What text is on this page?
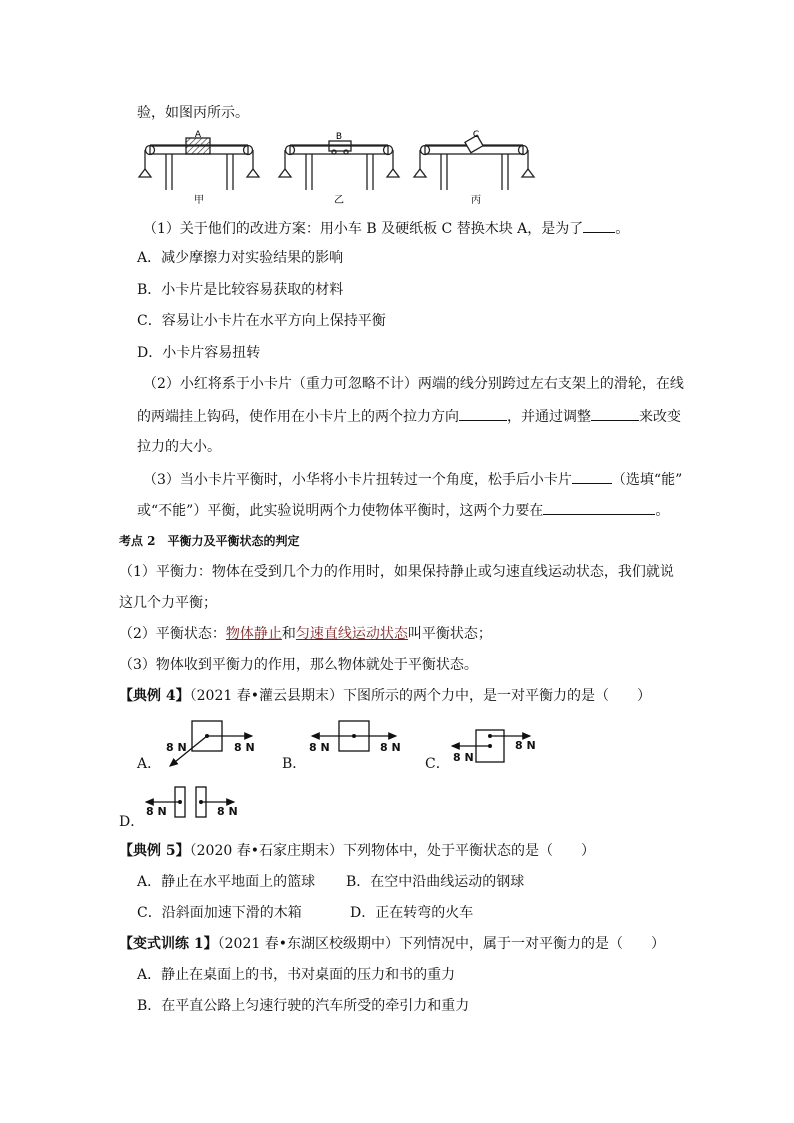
验，如图丙所示。
A
甲
B
乙
C
丙
（1）关于他们的改进方案：用小车 B 及硬纸板 C 替换木块 A，是为了 。
A．减少摩擦力对实验结果的影响
B．小卡片是比较容易获取的材料
C．容易让小卡片在水平方向上保持平衡
D．小卡片容易扭转
（2）小红将系于小卡片（重力可忽略不计）两端的线分别跨过左右支架上的滑轮，在线
的两端挂上钩码，使作用在小卡片上的两个拉力方向	，并通过调整	来改变
拉力的大小。
（3）当小卡片平衡时，小华将小卡片扭转过一个角度，松手后小卡片	（选填“能”
或“不能”）平衡，此实验说明两个力使物体平衡时，这两个力要在	。
考点 2　平衡力及平衡状态的判定
（1）平衡力：物体在受到几个力的作用时，如果保持静止或匀速直线运动状态，我们就说
这几个力平衡；
（2）平衡状态：物体静止和匀速直线运动状态叫平衡状态；
（3）物体收到平衡力的作用，那么物体就处于平衡状态。
【典例 4】（2021 春•灌云县期末）下图所示的两个力中，是一对平衡力的是（　　）
A．	B．	C．
D．
8 N	8 N	8 N	8 N
8 N
8 N
8 N	8 N
【典例 5】（2020 春•石家庄期末）下列物体中，处于平衡状态的是（　　）
A．静止在水平地面上的篮球 B．在空中沿曲线运动的钢球
C．沿斜面加速下滑的木箱	D．正在转弯的火车
【变式训练 1】（2021 春•东湖区校级期中）下列情况中，属于一对平衡力的是（　　）
A．静止在桌面上的书，书对桌面的压力和书的重力
B．在平直公路上匀速行驶的汽车所受的牵引力和重力
